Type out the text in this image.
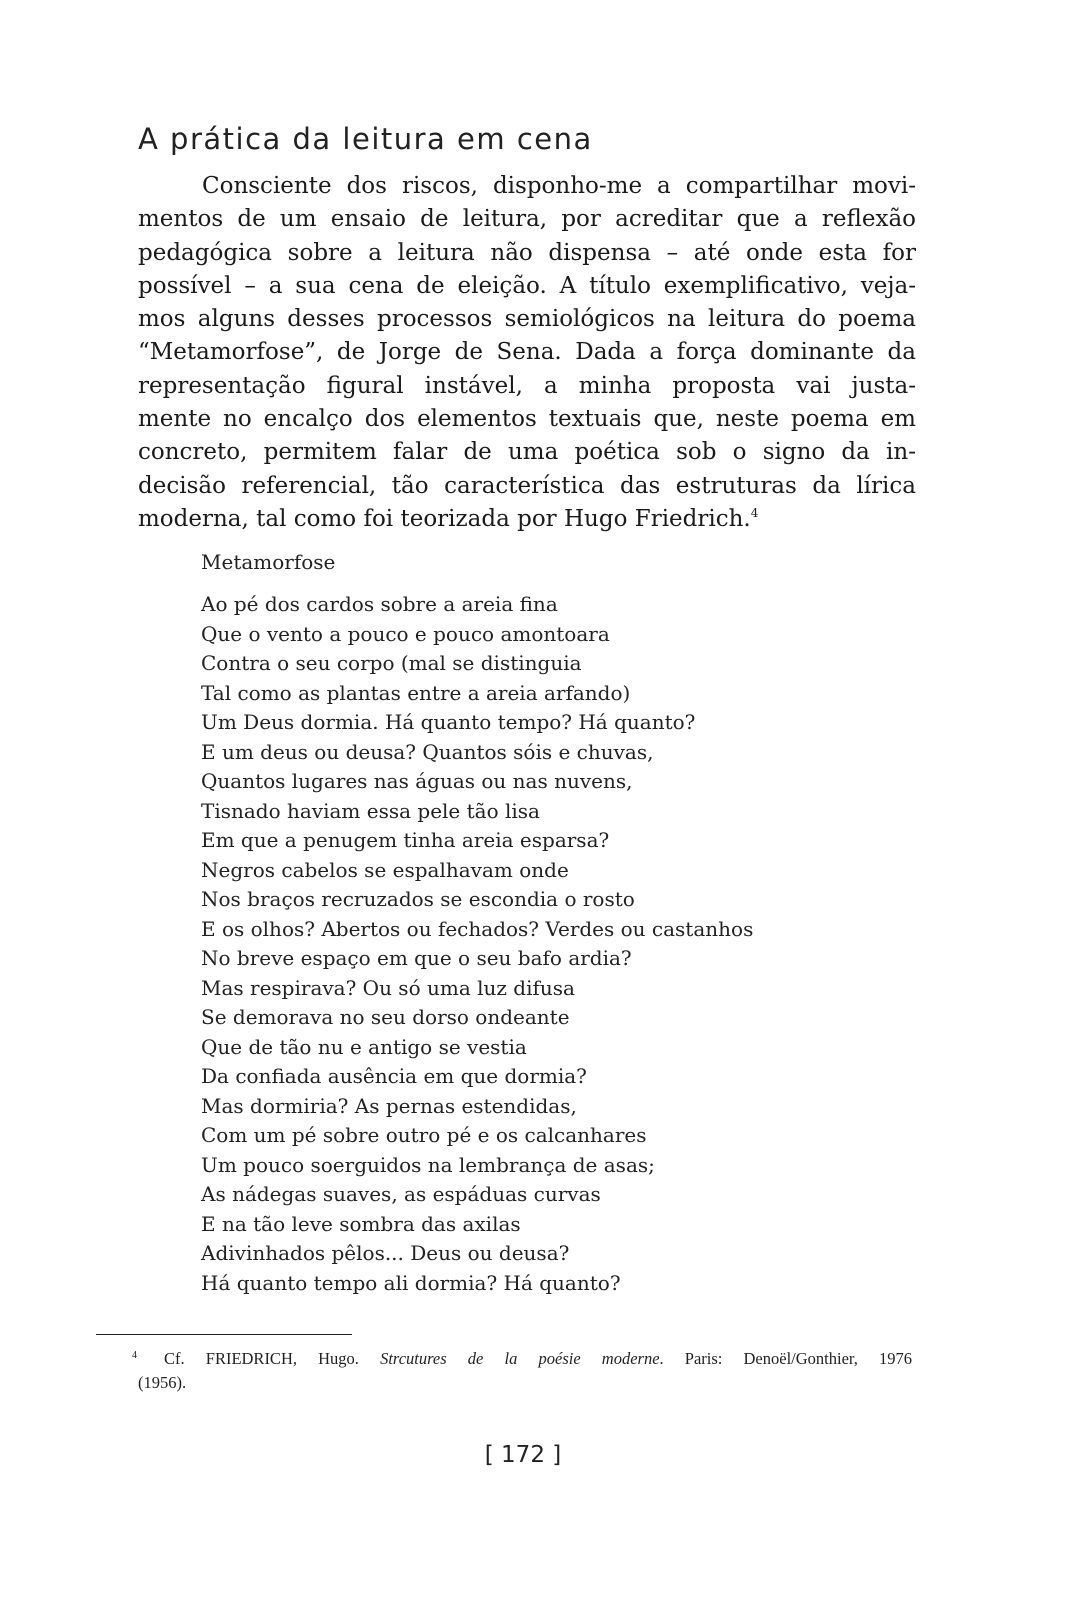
A prática da leitura em cena
Consciente dos riscos, disponho-me a compartilhar movi-
mentos de um ensaio de leitura, por acreditar que a reflexão
pedagógica sobre a leitura não dispensa – até onde esta for
possível – a sua cena de eleição. A título exemplificativo, veja-
mos alguns desses processos semiológicos na leitura do poema
“Metamorfose”, de Jorge de Sena. Dada a força dominante da
representação figural instável, a minha proposta vai justa-
mente no encalço dos elementos textuais que, neste poema em
concreto, permitem falar de uma poética sob o signo da in-
decisão referencial, tão característica das estruturas da lírica
moderna, tal como foi teorizada por Hugo Friedrich.$^4$

Metamorfose

Ao pé dos cardos sobre a areia fina
Que o vento a pouco e pouco amontoara
Contra o seu corpo (mal se distinguia
Tal como as plantas entre a areia arfando)
Um Deus dormia. Há quanto tempo? Há quanto?
E um deus ou deusa? Quantos sóis e chuvas,
Quantos lugares nas águas ou nas nuvens,
Tisnado haviam essa pele tão lisa
Em que a penugem tinha areia esparsa?
Negros cabelos se espalhavam onde
Nos braços recruzados se escondia o rosto
E os olhos? Abertos ou fechados? Verdes ou castanhos
No breve espaço em que o seu bafo ardia?
Mas respirava? Ou só uma luz difusa
Se demorava no seu dorso ondeante
Que de tão nu e antigo se vestia
Da confiada ausência em que dormia?
Mas dormiria? As pernas estendidas,
Com um pé sobre outro pé e os calcanhares
Um pouco soerguidos na lembrança de asas;
As nádegas suaves, as espáduas curvas
E na tão leve sombra das axilas
Adivinhados pêlos... Deus ou deusa?
Há quanto tempo ali dormia? Há quanto?
4 Cf. FRIEDRICH, Hugo. Strcutures de la poésie moderne. Paris: Denoël/Gonthier, 1976
(1956).
[ 172 ]
